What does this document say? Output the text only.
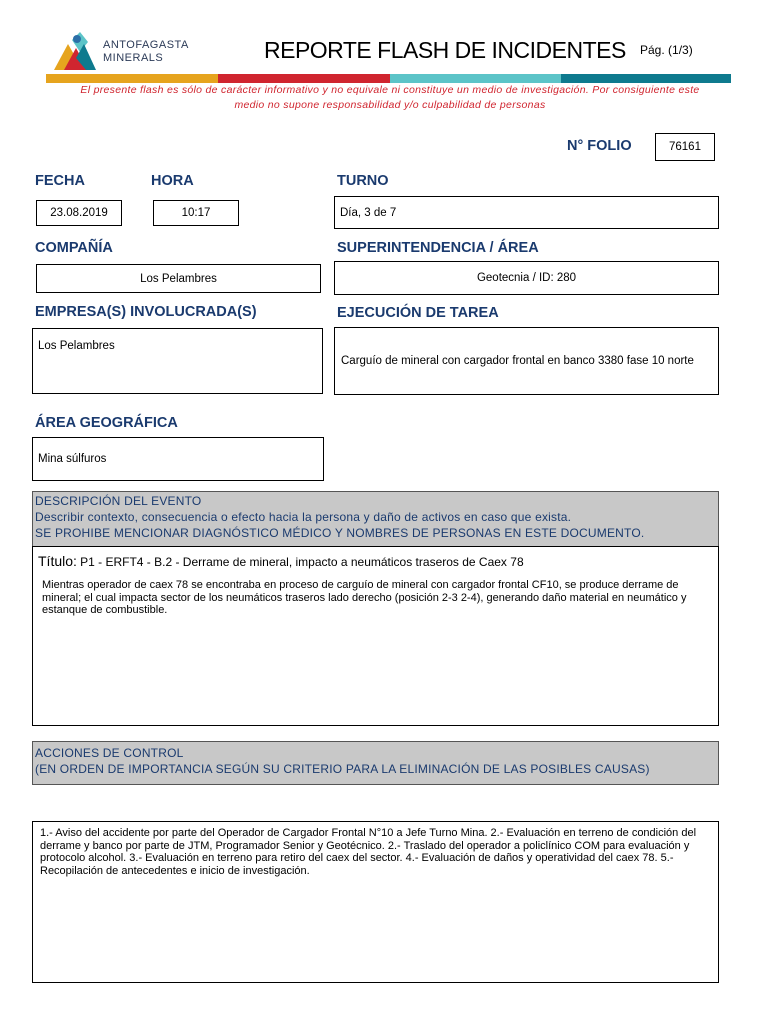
ANTOFAGASTA
MINERALS	REPORTE FLASH DE INCIDENTES Pág. (1/3)
El presente flash es sólo de carácter informativo y no equivale ni constituye un medio de investigación. Por consiguiente este
medio no supone responsabilidad y/o culpabilidad de personas
N° FOLIO	76161
FECHA
23.08.2019
HORA
10:17
TURNO
Día, 3 de 7
COMPAÑÍA
Los Pelambres
SUPERINTENDENCIA / ÁREA
Geotecnia / ID: 280
EMPRESA(S) INVOLUCRADA(S)
Los Pelambres
EJECUCIÓN DE TAREA
Carguío de mineral con cargador frontal en banco 3380 fase 10 norte
ÁREA GEOGRÁFICA
Mina súlfuros
DESCRIPCIÓN DEL EVENTO
Describir contexto, consecuencia o efecto hacia la persona y daño de activos en caso que exista.
SE PROHIBE MENCIONAR DIAGNÓSTICO MÉDICO Y NOMBRES DE PERSONAS EN ESTE DOCUMENTO.
Título: P1 - ERFT4 - B.2 - Derrame de mineral, impacto a neumáticos traseros de Caex 78
Mientras operador de caex 78 se encontraba en proceso de carguío de mineral con cargador frontal CF10, se produce derrame de mineral; el cual impacta sector de los neumáticos traseros lado derecho (posición 2-3 2-4), generando daño material en neumático y estanque de combustible.
ACCIONES DE CONTROL
(EN ORDEN DE IMPORTANCIA SEGÚN SU CRITERIO PARA LA ELIMINACIÓN DE LAS POSIBLES CAUSAS)
1.- Aviso del accidente por parte del Operador de Cargador Frontal N°10 a Jefe Turno Mina. 2.- Evaluación en terreno de condición del derrame y banco por parte de JTM, Programador Senior y Geotécnico. 2.- Traslado del operador a policlínico COM para evaluación y protocolo alcohol. 3.- Evaluación en terreno para retiro del caex del sector. 4.- Evaluación de daños y operatividad del caex 78. 5.- Recopilación de antecedentes e inicio de investigación.
